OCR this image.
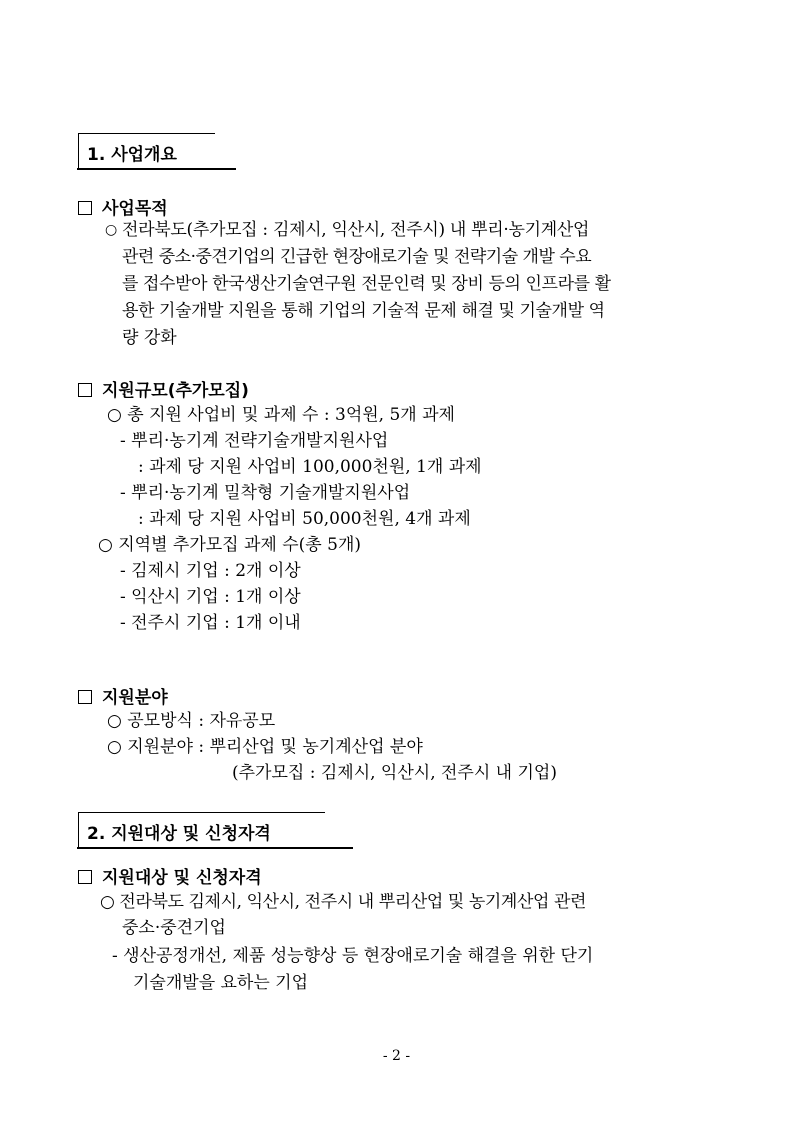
1. 사업개요
사업목적
○ 전라북도(추가모집 : 김제시, 익산시, 전주시) 내 뿌리·농기계산업
관련 중소·중견기업의 긴급한 현장애로기술 및 전략기술 개발 수요
를 접수받아 한국생산기술연구원 전문인력 및 장비 등의 인프라를 활
용한 기술개발 지원을 통해 기업의 기술적 문제 해결 및 기술개발 역
량 강화
지원규모(추가모집)
○ 총 지원 사업비 및 과제 수 : 3억원, 5개 과제
- 뿌리·농기계 전략기술개발지원사업
: 과제 당 지원 사업비 100,000천원, 1개 과제
- 뿌리·농기계 밀착형 기술개발지원사업
: 과제 당 지원 사업비 50,000천원, 4개 과제
○ 지역별 추가모집 과제 수(총 5개)
- 김제시 기업 : 2개 이상
- 익산시 기업 : 1개 이상
- 전주시 기업 : 1개 이내
지원분야
○ 공모방식 : 자유공모
○ 지원분야 : 뿌리산업 및 농기계산업 분야
(추가모집 : 김제시, 익산시, 전주시 내 기업)
2. 지원대상 및 신청자격
지원대상 및 신청자격
○ 전라북도 김제시, 익산시, 전주시 내 뿌리산업 및 농기계산업 관련
중소·중견기업
- 생산공정개선, 제품 성능향상 등 현장애로기술 해결을 위한 단기
기술개발을 요하는 기업
- 2 -
